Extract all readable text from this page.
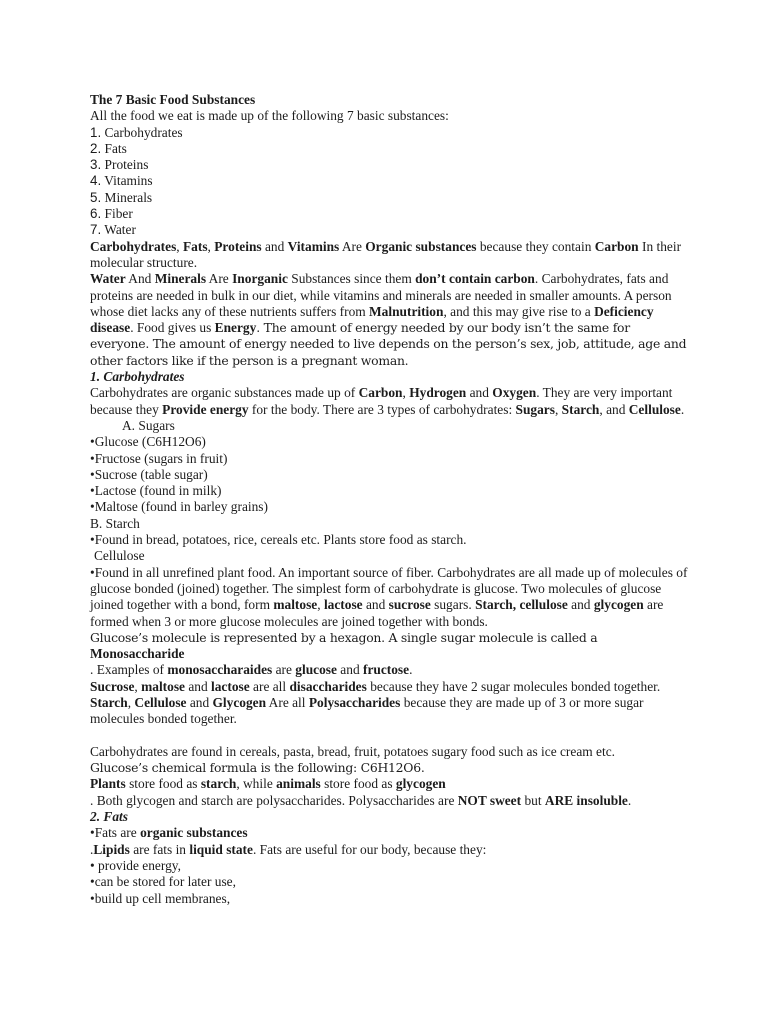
The 7 Basic Food Substances

All the food we eat is made up of the following 7 basic substances:

1. Carbohydrates

2. Fats

3. Proteins

4. Vitamins

5. Minerals

6. Fiber

7. Water

Carbohydrates, Fats, Proteins and Vitamins Are Organic substances because they contain Carbon In their molecular structure.

Water And Minerals Are Inorganic Substances since them don’t contain carbon. Carbohydrates, fats and proteins are needed in bulk in our diet, while vitamins and minerals are needed in smaller amounts. A person whose diet lacks any of these nutrients suffers from Malnutrition, and this may give rise to a Deficiency disease. Food gives us Energy. The amount of energy needed by our body isn’t the same for everyone. The amount of energy needed to live depends on the person’s sex, job, attitude, age and other factors like if the person is a pregnant woman.

1. Carbohydrates

Carbohydrates are organic substances made up of Carbon, Hydrogen and Oxygen. They are very important because they Provide energy for the body. There are 3 types of carbohydrates: Sugars, Starch, and Cellulose.

A. Sugars

•Glucose (C6H12O6)

•Fructose (sugars in fruit)

•Sucrose (table sugar)

•Lactose (found in milk)

•Maltose (found in barley grains)

B. Starch

•Found in bread, potatoes, rice, cereals etc. Plants store food as starch.

Cellulose

•Found in all unrefined plant food. An important source of fiber. Carbohydrates are all made up of molecules of glucose bonded (joined) together. The simplest form of carbohydrate is glucose. Two molecules of glucose joined together with a bond, form maltose, lactose and sucrose sugars. Starch, cellulose and glycogen are formed when 3 or more glucose molecules are joined together with bonds.
Glucose’s molecule is represented by a hexagon. A single sugar molecule is called a

Monosaccharide

. Examples of monosaccharaides are glucose and fructose.

Sucrose, maltose and lactose are all disaccharides because they have 2 sugar molecules bonded together.

Starch, Cellulose and Glycogen Are all Polysaccharides because they are made up of 3 or more sugar molecules bonded together.

Carbohydrates are found in cereals, pasta, bread, fruit, potatoes sugary food such as ice cream etc.

Glucose’s chemical formula is the following: C6H12O6.

Plants store food as starch, while animals store food as glycogen

. Both glycogen and starch are polysaccharides. Polysaccharides are NOT sweet but ARE insoluble.

2. Fats

•Fats are organic substances

.Lipids are fats in liquid state. Fats are useful for our body, because they:

• provide energy,

•can be stored for later use,

•build up cell membranes,
